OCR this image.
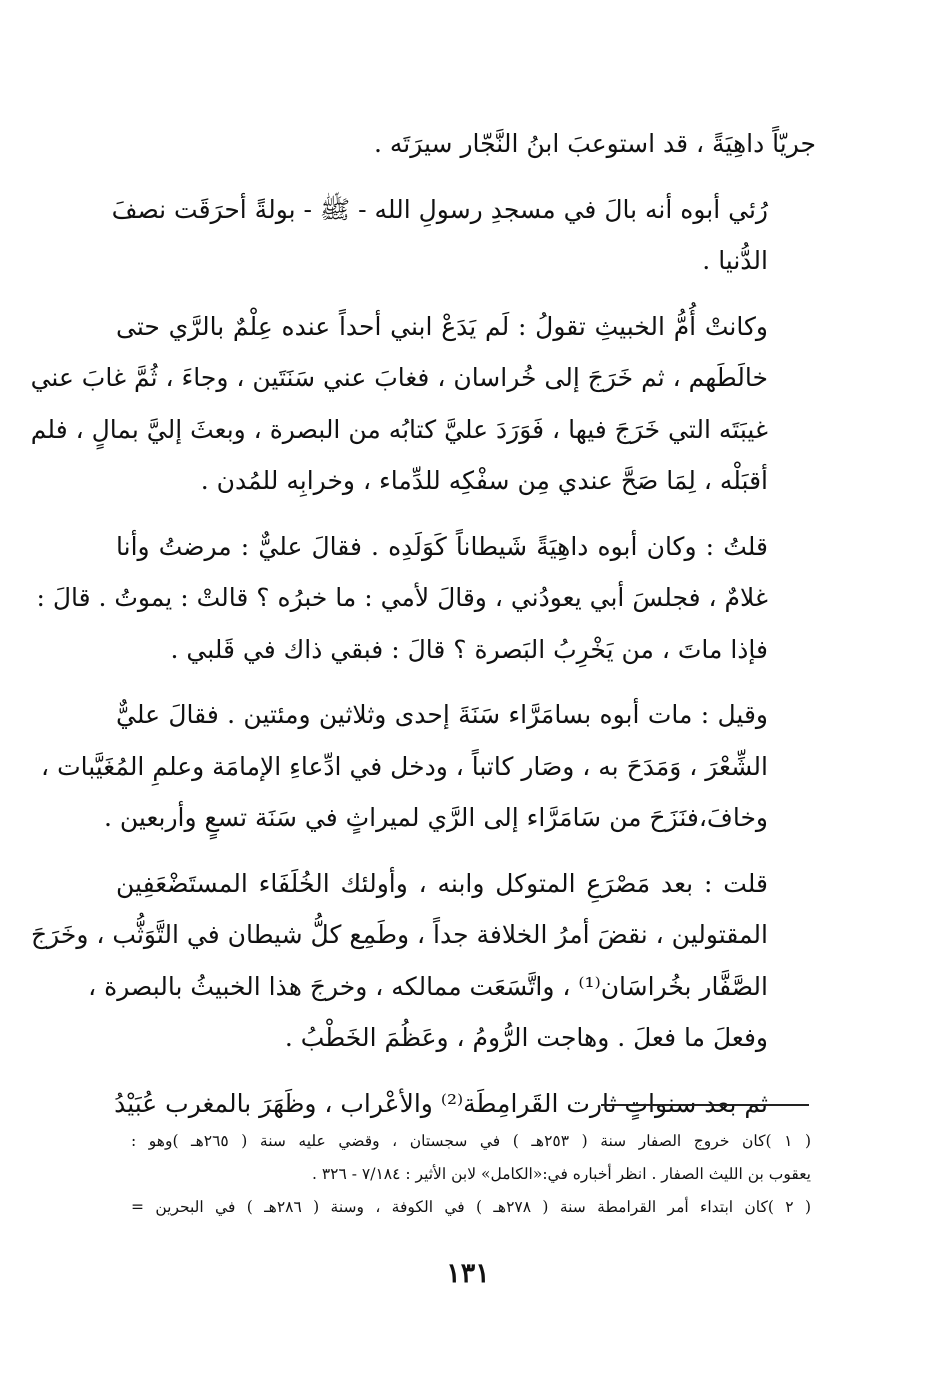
جريّاً داهِيَةً ، قد استوعبَ ابنُ النَّجّار سيرَتَه .

رُئي أبوه أنه بالَ في مسجدِ رسولِ الله - ﷺ - بولةً أحرَقَت نصفَ
الدُّنيا .

وكانتْ أُمُّ الخبيثِ تقولُ : لَم يَدَعْ ابني أحداً عنده عِلْمٌ بالرَّي حتى
خالَطَهم ، ثم خَرَجَ إلى خُراسان ، فغابَ عني سَنَتَين ، وجاءَ ، ثُمَّ غابَ عني
غيبَتَه التي خَرَجَ فيها ، فَوَرَدَ عليَّ كتابُه من البصرة ، وبعثَ إليَّ بمالٍ ، فلم
أقبَلْه ، لِمَا صَحَّ عندي مِن سفْكِه للدِّماء ، وخرابِه للمُدن .

قلتُ : وكان أبوه داهِيَةً شَيطاناً كَوَلَدِه . فقالَ عليٌّ : مرضتُ وأنا
غلامٌ ، فجلسَ أبي يعودُني ، وقالَ لأمي : ما خبرُه ؟ قالتْ : يموتُ . قالَ :
فإذا ماتَ ، من يَخْرِبُ البَصرة ؟ قالَ : فبقي ذاك في قَلبي .

وقيل : مات أبوه بسامَرَّاء سَنَةَ إحدى وثلاثين ومئتين . فقالَ عليٌّ
الشِّعْرَ ، وَمَدَحَ به ، وصَار كاتباً ، ودخل في ادِّعاءِ الإمامَة وعلمِ المُغَيَّبات ،
وخافَ،فنَزَحَ من سَامَرَّاء إلى الرَّي لميراثٍ في سَنَة تسعٍ وأربعين .

قلت : بعد مَصْرَعِ المتوكل وابنه ، وأولئك الخُلَفَاء المستَضْعَفِين
المقتولين ، نقضَ أمرُ الخلافة جداً ، وطَمِع كلُّ شيطان في التَّوَثُّب ، وخَرَجَ
الصَّفَّار بخُراسَان⁽¹⁾ ، واتَّسَعَت ممالكه ، وخرجَ هذا الخبيثُ بالبصرة ،
وفعلَ ما فعلَ . وهاجت الرُّومُ ، وعَظُمَ الخَطْبُ .

ثم بعد سنواتٍ ثارت القَرامِطَة⁽²⁾ والأعْراب ، وظَهَرَ بالمغرب عُبَيْدُ

( ١ )كان خروج الصفار سنة ( ٢٥٣هـ ) في سجستان ، وقضي عليه سنة ( ٢٦٥هـ )وهو :
يعقوب بن الليث الصفار . انظر أخباره في:«الكامل» لابن الأثير : ٧/١٨٤ - ٣٢٦ .
( ٢ )كان ابتداء أمر القرامطة سنة ( ٢٧٨هـ ) في الكوفة ، وسنة ( ٢٨٦هـ ) في البحرين =
١٣١
